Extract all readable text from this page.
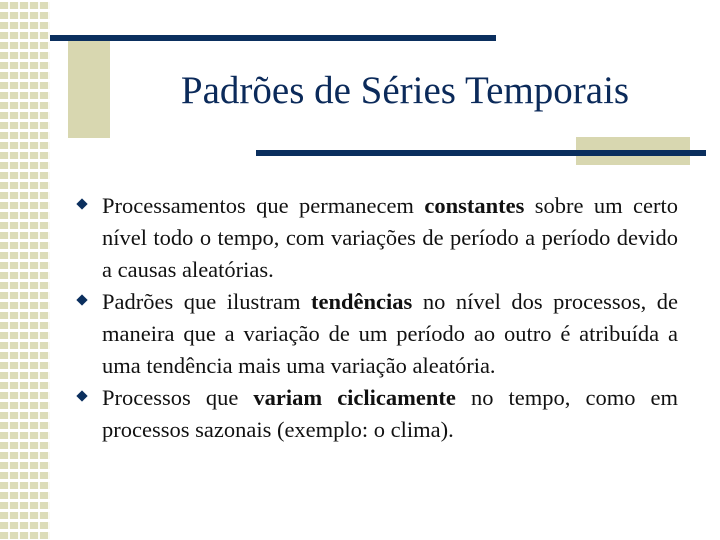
Padrões de Séries Temporais
Processamentos que permanecem constantes sobre um certo nível todo o tempo, com variações de período a período devido a causas aleatórias.
Padrões que ilustram tendências no nível dos processos, de maneira que a variação de um período ao outro é atribuída a uma tendência mais uma variação aleatória.
Processos que variam ciclicamente no tempo, como em processos sazonais (exemplo: o clima).
